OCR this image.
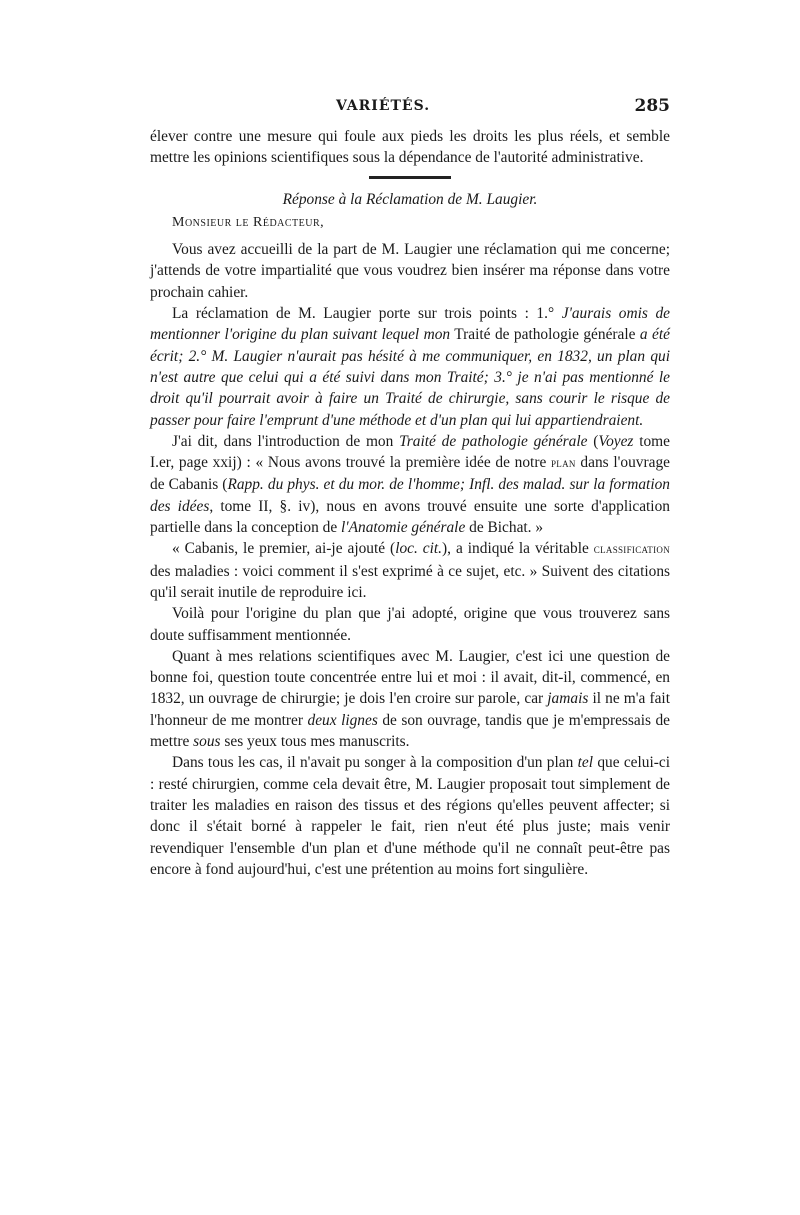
VARIÉTÉS.	285

élever contre une mesure qui foule aux pieds les droits les plus réels, et semble mettre les opinions scientifiques sous la dépendance de l'autorité administrative.

Réponse à la Réclamation de M. Laugier.

Monsieur le Rédacteur,

Vous avez accueilli de la part de M. Laugier une réclamation qui me concerne; j'attends de votre impartialité que vous voudrez bien insérer ma réponse dans votre prochain cahier.

La réclamation de M. Laugier porte sur trois points : 1.° J'aurais omis de mentionner l'origine du plan suivant lequel mon Traité de pathologie générale a été écrit; 2.° M. Laugier n'aurait pas hésité à me communiquer, en 1832, un plan qui n'est autre que celui qui a été suivi dans mon Traité; 3.° je n'ai pas mentionné le droit qu'il pourrait avoir à faire un Traité de chirurgie, sans courir le risque de passer pour faire l'emprunt d'une méthode et d'un plan qui lui appartiendraient.

J'ai dit, dans l'introduction de mon Traité de pathologie générale (Voyez tome I.er, page xxij) : « Nous avons trouvé la première idée de notre plan dans l'ouvrage de Cabanis (Rapp. du phys. et du mor. de l'homme; Infl. des malad. sur la formation des idées, tome II, §. iv), nous en avons trouvé ensuite une sorte d'application partielle dans la conception de l'Anatomie générale de Bichat. »

« Cabanis, le premier, ai-je ajouté (loc. cit.), a indiqué la véritable classification des maladies : voici comment il s'est exprimé à ce sujet, etc. » Suivent des citations qu'il serait inutile de reproduire ici.

Voilà pour l'origine du plan que j'ai adopté, origine que vous trouverez sans doute suffisamment mentionnée.

Quant à mes relations scientifiques avec M. Laugier, c'est ici une question de bonne foi, question toute concentrée entre lui et moi : il avait, dit-il, commencé, en 1832, un ouvrage de chirurgie; je dois l'en croire sur parole, car jamais il ne m'a fait l'honneur de me montrer deux lignes de son ouvrage, tandis que je m'empressais de mettre sous ses yeux tous mes manuscrits.

Dans tous les cas, il n'avait pu songer à la composition d'un plan tel que celui-ci : resté chirurgien, comme cela devait être, M. Laugier proposait tout simplement de traiter les maladies en raison des tissus et des régions qu'elles peuvent affecter; si donc il s'était borné à rappeler le fait, rien n'eut été plus juste; mais venir revendiquer l'ensemble d'un plan et d'une méthode qu'il ne connaît peut-être pas encore à fond aujourd'hui, c'est une prétention au moins fort singulière.
